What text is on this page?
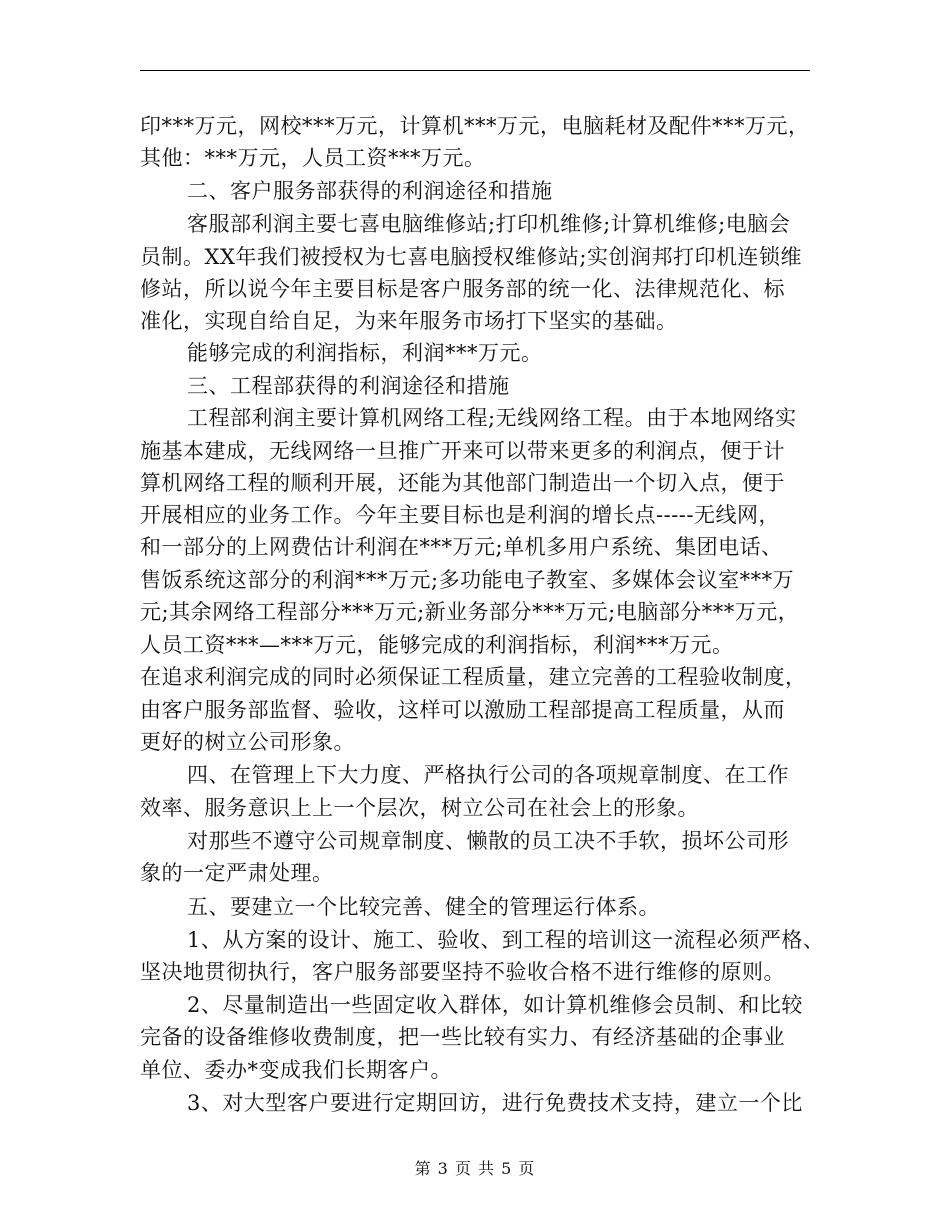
印***万元，网校***万元，计算机***万元，电脑耗材及配件***万元，
其他：***万元，人员工资***万元。
二、客户服务部获得的利润途径和措施
客服部利润主要七喜电脑维修站;打印机维修;计算机维修;电脑会
员制。XX年我们被授权为七喜电脑授权维修站;实创润邦打印机连锁维
修站，所以说今年主要目标是客户服务部的统一化、法律规范化、标
准化，实现自给自足，为来年服务市场打下坚实的基础。
能够完成的利润指标，利润***万元。
三、工程部获得的利润途径和措施
工程部利润主要计算机网络工程;无线网络工程。由于本地网络实
施基本建成，无线网络一旦推广开来可以带来更多的利润点，便于计
算机网络工程的顺利开展，还能为其他部门制造出一个切入点，便于
开展相应的业务工作。今年主要目标也是利润的增长点-----无线网，
和一部分的上网费估计利润在***万元;单机多用户系统、集团电话、
售饭系统这部分的利润***万元;多功能电子教室、多媒体会议室***万
元;其余网络工程部分***万元;新业务部分***万元;电脑部分***万元，
人员工资***—***万元，能够完成的利润指标，利润***万元。
在追求利润完成的同时必须保证工程质量，建立完善的工程验收制度，
由客户服务部监督、验收，这样可以激励工程部提高工程质量，从而
更好的树立公司形象。
四、在管理上下大力度、严格执行公司的各项规章制度、在工作
效率、服务意识上上一个层次，树立公司在社会上的形象。
对那些不遵守公司规章制度、懒散的员工决不手软，损坏公司形
象的一定严肃处理。
五、要建立一个比较完善、健全的管理运行体系。
1、从方案的设计、施工、验收、到工程的培训这一流程必须严格、
坚决地贯彻执行，客户服务部要坚持不验收合格不进行维修的原则。
2、尽量制造出一些固定收入群体，如计算机维修会员制、和比较
完备的设备维修收费制度，把一些比较有实力、有经济基础的企事业
单位、委办*变成我们长期客户。
3、对大型客户要进行定期回访，进行免费技术支持，建立一个比
第 3 页 共 5 页
